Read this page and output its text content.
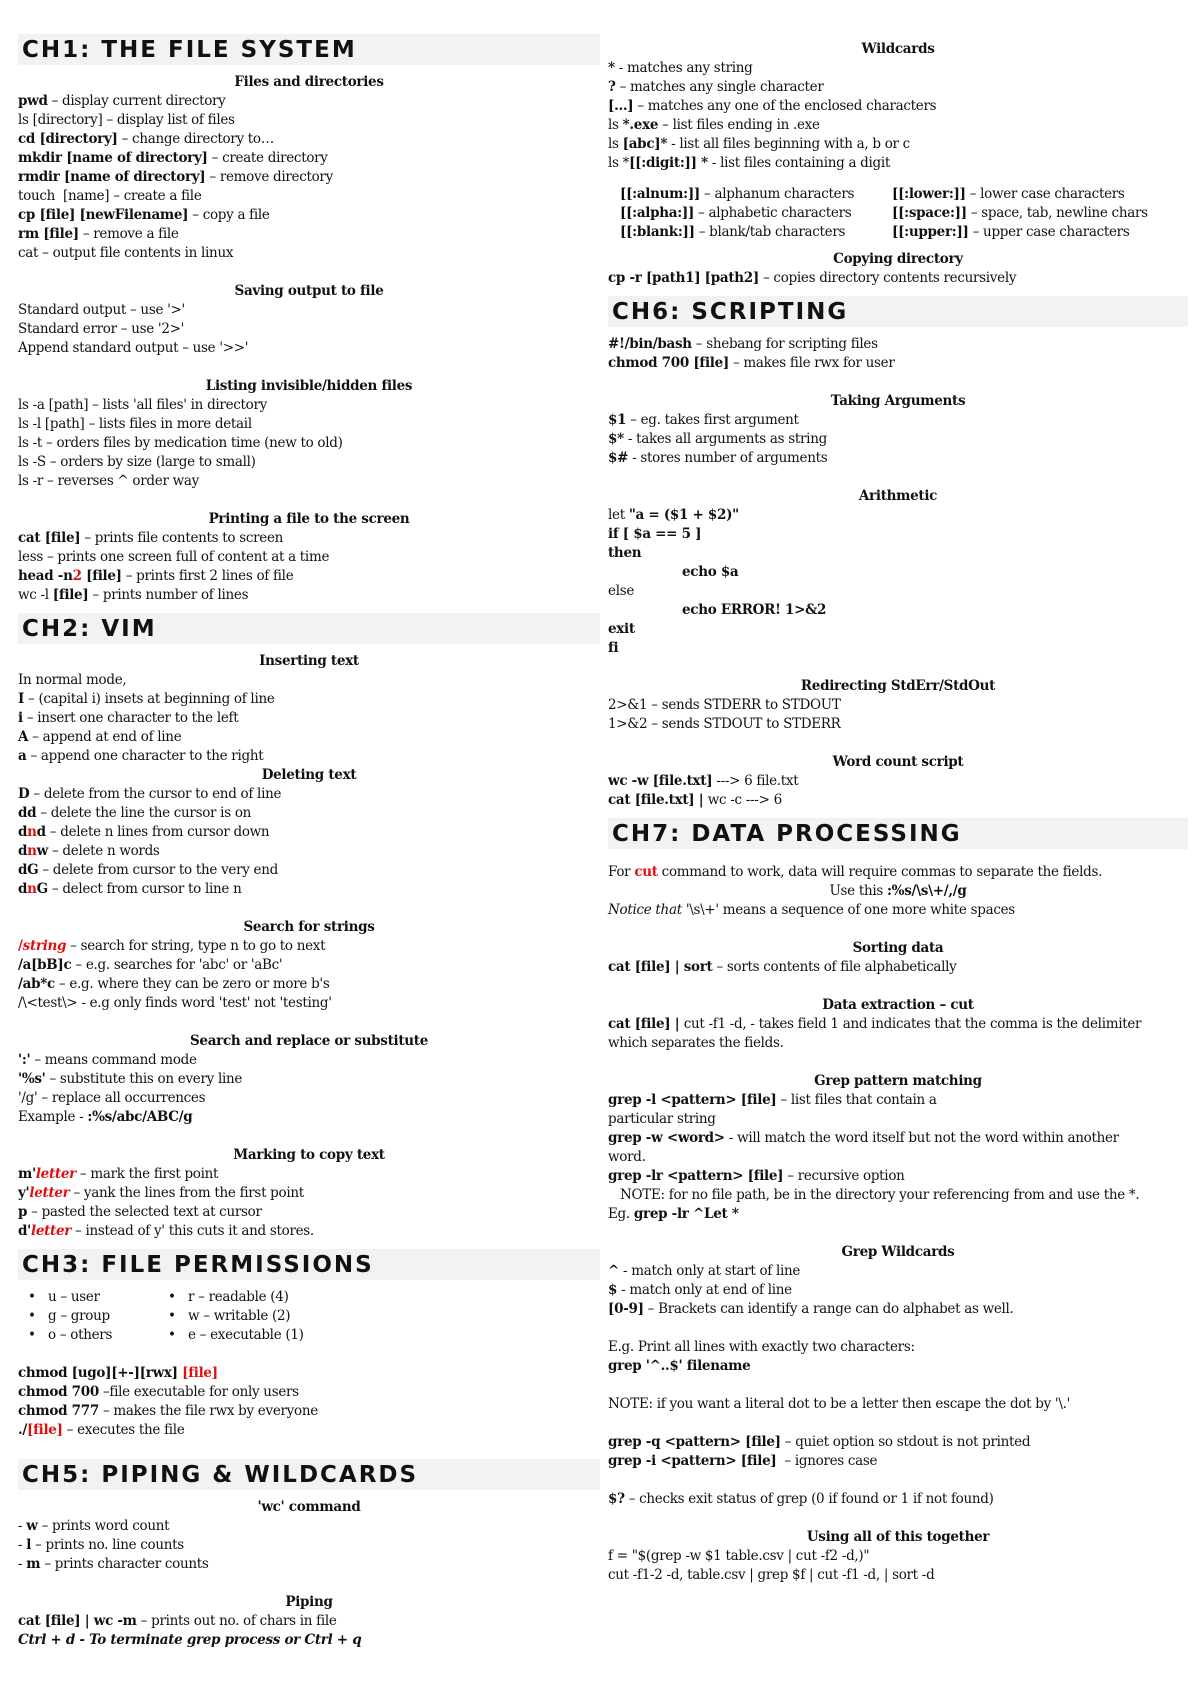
CH1: THE FILE SYSTEM
Files and directories
pwd – display current directory
ls [directory] – display list of files
cd [directory] – change directory to…
mkdir [name of directory] – create directory
rmdir [name of directory] – remove directory
touch  [name] – create a file
cp [file] [newFilename] – copy a file
rm [file] – remove a file
cat – output file contents in linux
Saving output to file
Standard output – use '>'
Standard error – use '2>'
Append standard output – use '>>'
Listing invisible/hidden files
ls -a [path] – lists 'all files' in directory
ls -l [path] – lists files in more detail
ls -t – orders files by medication time (new to old)
ls -S – orders by size (large to small)
ls -r – reverses ^ order way
Printing a file to the screen
cat [file] – prints file contents to screen
less – prints one screen full of content at a time
head -n2 [file] – prints first 2 lines of file
wc -l [file] – prints number of lines
CH2: VIM
Inserting text
In normal mode,
I – (capital i) insets at beginning of line
i – insert one character to the left
A – append at end of line
a – append one character to the right
Deleting text
D – delete from the cursor to end of line
dd – delete the line the cursor is on
dnd – delete n lines from cursor down
dnw – delete n words
dG – delete from cursor to the very end
dnG – delect from cursor to line n
Search for strings
/string – search for string, type n to go to next
/a[bB]c – e.g. searches for 'abc' or 'aBc'
/ab*c – e.g. where they can be zero or more b's
/\<test\> - e.g only finds word 'test' not 'testing'
Search and replace or substitute
':' – means command mode
'%s' – substitute this on every line
'/g' – replace all occurrences
Example - :%s/abc/ABC/g
Marking to copy text
m'letter – mark the first point
y'letter – yank the lines from the first point
p – pasted the selected text at cursor
d'letter – instead of y' this cuts it and stores.
CH3: FILE PERMISSIONS
• u – user
• g – group
• o – others
• r – readable (4)
• w – writable (2)
• e – executable (1)
chmod [ugo][+-][rwx] [file]
chmod 700 –file executable for only users
chmod 777 – makes the file rwx by everyone
./[file] – executes the file
CH5: PIPING & WILDCARDS
'wc' command
- w – prints word count
- l – prints no. line counts
- m – prints character counts
Piping
cat [file] | wc -m – prints out no. of chars in file
Ctrl + d - To terminate grep process or Ctrl + q
Wildcards
* - matches any string
? – matches any single character
[…] – matches any one of the enclosed characters
ls *.exe – list files ending in .exe
ls [abc]* - list all files beginning with a, b or c
ls *[[:digit:]] * - list files containing a digit
[[:alnum:]] – alphanum characters
[[:alpha:]] – alphabetic characters
[[:blank:]] – blank/tab characters
[[:lower:]] – lower case characters
[[:space:]] – space, tab, newline chars
[[:upper:]] – upper case characters
Copying directory
cp -r [path1] [path2] – copies directory contents recursively
CH6: SCRIPTING
#!/bin/bash – shebang for scripting files
chmod 700 [file] – makes file rwx for user
Taking Arguments
$1 – eg. takes first argument
$* - takes all arguments as string
$# - stores number of arguments
Arithmetic
let "a = ($1 + $2)"
if [ $a == 5 ]
then
echo $a
else
echo ERROR! 1>&2
exit
fi
Redirecting StdErr/StdOut
2>&1 – sends STDERR to STDOUT
1>&2 – sends STDOUT to STDERR
Word count script
wc -w [file.txt] ---> 6 file.txt
cat [file.txt] | wc -c ---> 6
CH7: DATA PROCESSING
For cut command to work, data will require commas to separate the fields.
Use this :%s/\s\+/,/g
Notice that '\s\+' means a sequence of one more white spaces
Sorting data
cat [file] | sort – sorts contents of file alphabetically
Data extraction – cut
cat [file] | cut -f1 -d, - takes field 1 and indicates that the comma is the delimiter
which separates the fields.
Grep pattern matching
grep -l <pattern> [file] – list files that contain a
particular string
grep -w <word> - will match the word itself but not the word within another
word.
grep -lr <pattern> [file] – recursive option
NOTE: for no file path, be in the directory your referencing from and use the *.
Eg. grep -lr ^Let *
Grep Wildcards
^ - match only at start of line
$ - match only at end of line
[0-9] – Brackets can identify a range can do alphabet as well.
E.g. Print all lines with exactly two characters:
grep '^..$' filename
NOTE: if you want a literal dot to be a letter then escape the dot by '\.'
grep -q <pattern> [file] – quiet option so stdout is not printed
grep -i <pattern> [file]  – ignores case
$? – checks exit status of grep (0 if found or 1 if not found)
Using all of this together
f = "$(grep -w $1 table.csv | cut -f2 -d,)"
cut -f1-2 -d, table.csv | grep $f | cut -f1 -d, | sort -d
